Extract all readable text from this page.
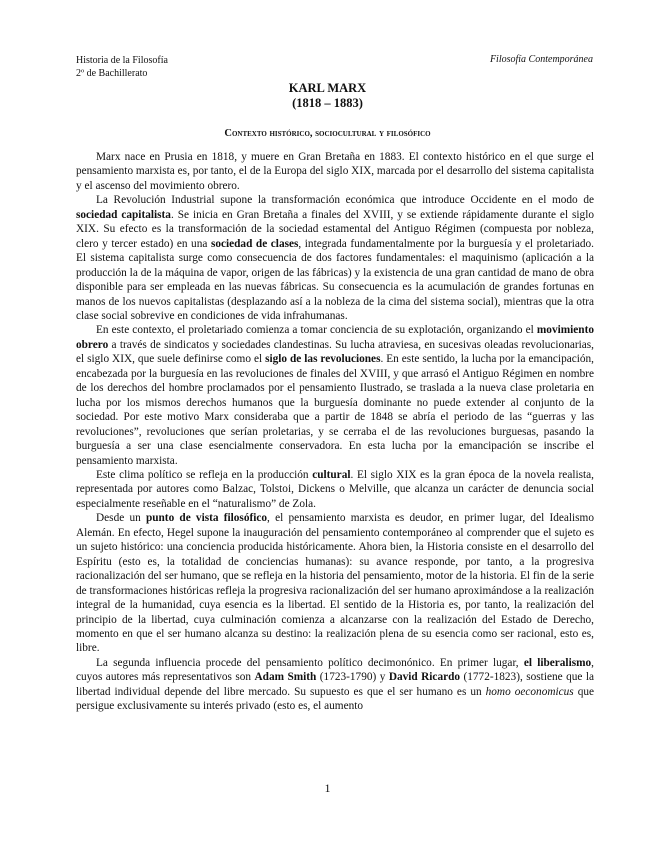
Historia de la Filosofía
2º de Bachillerato
Filosofía Contemporánea
KARL MARX
(1818 – 1883)
Contexto histórico, sociocultural y filosófico

Marx nace en Prusia en 1818, y muere en Gran Bretaña en 1883. El contexto histórico en el que surge el pensamiento marxista es, por tanto, el de la Europa del siglo XIX, marcada por el desarrollo del sistema capitalista y el ascenso del movimiento obrero.

La Revolución Industrial supone la transformación económica que introduce Occidente en el modo de sociedad capitalista. Se inicia en Gran Bretaña a finales del XVIII, y se extiende rápidamente durante el siglo XIX. Su efecto es la transformación de la sociedad estamental del Antiguo Régimen (compuesta por nobleza, clero y tercer estado) en una sociedad de clases, integrada fundamentalmente por la burguesía y el proletariado. El sistema capitalista surge como consecuencia de dos factores fundamentales: el maquinismo (aplicación a la producción la de la máquina de vapor, origen de las fábricas) y la existencia de una gran cantidad de mano de obra disponible para ser empleada en las nuevas fábricas. Su consecuencia es la acumulación de grandes fortunas en manos de los nuevos capitalistas (desplazando así a la nobleza de la cima del sistema social), mientras que la otra clase social sobrevive en condiciones de vida infrahumanas.

En este contexto, el proletariado comienza a tomar conciencia de su explotación, organizando el movimiento obrero a través de sindicatos y sociedades clandestinas. Su lucha atraviesa, en sucesivas oleadas revolucionarias, el siglo XIX, que suele definirse como el siglo de las revoluciones. En este sentido, la lucha por la emancipación, encabezada por la burguesía en las revoluciones de finales del XVIII, y que arrasó el Antiguo Régimen en nombre de los derechos del hombre proclamados por el pensamiento Ilustrado, se traslada a la nueva clase proletaria en lucha por los mismos derechos humanos que la burguesía dominante no puede extender al conjunto de la sociedad. Por este motivo Marx consideraba que a partir de 1848 se abría el periodo de las “guerras y las revoluciones”, revoluciones que serían proletarias, y se cerraba el de las revoluciones burguesas, pasando la burguesía a ser una clase esencialmente conservadora. En esta lucha por la emancipación se inscribe el pensamiento marxista.

Este clima político se refleja en la producción cultural. El siglo XIX es la gran época de la novela realista, representada por autores como Balzac, Tolstoi, Dickens o Melville, que alcanza un carácter de denuncia social especialmente reseñable en el “naturalismo” de Zola.

Desde un punto de vista filosófico, el pensamiento marxista es deudor, en primer lugar, del Idealismo Alemán. En efecto, Hegel supone la inauguración del pensamiento contemporáneo al comprender que el sujeto es un sujeto histórico: una conciencia producida históricamente. Ahora bien, la Historia consiste en el desarrollo del Espíritu (esto es, la totalidad de conciencias humanas): su avance responde, por tanto, a la progresiva racionalización del ser humano, que se refleja en la historia del pensamiento, motor de la historia. El fin de la serie de transformaciones históricas refleja la progresiva racionalización del ser humano aproximándose a la realización integral de la humanidad, cuya esencia es la libertad. El sentido de la Historia es, por tanto, la realización del principio de la libertad, cuya culminación comienza a alcanzarse con la realización del Estado de Derecho, momento en que el ser humano alcanza su destino: la realización plena de su esencia como ser racional, esto es, libre.

La segunda influencia procede del pensamiento político decimonónico. En primer lugar, el liberalismo, cuyos autores más representativos son Adam Smith (1723-1790) y David Ricardo (1772-1823), sostiene que la libertad individual depende del libre mercado. Su supuesto es que el ser humano es un homo oeconomicus que persigue exclusivamente su interés privado (esto es, el aumento

1
